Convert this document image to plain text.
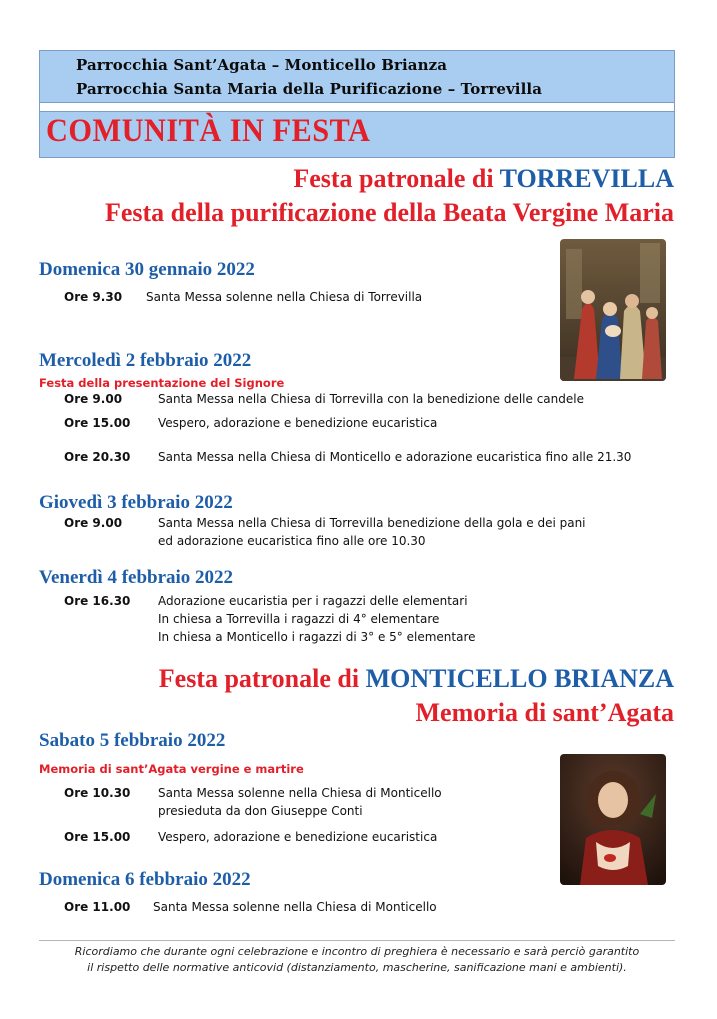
Parrocchia Sant’Agata – Monticello Brianza
Parrocchia Santa Maria della Purificazione – Torrevilla
COMUNITÀ IN FESTA
Festa patronale di TORREVILLA
Festa della purificazione della Beata Vergine Maria
Domenica 30 gennaio 2022
Ore 9.30 Santa Messa solenne nella Chiesa di Torrevilla
Mercoledì 2 febbraio 2022
Festa della presentazione del Signore
Ore 9.00	Santa Messa nella Chiesa di Torrevilla con la benedizione delle candele
Ore 15.00 Vespero, adorazione e benedizione eucaristica
Ore 20.30 Santa Messa nella Chiesa di Monticello e adorazione eucaristica fino alle 21.30
Giovedì 3 febbraio 2022
Ore 9.00	Santa Messa nella Chiesa di Torrevilla benedizione della gola e dei pani
ed adorazione eucaristica fino alle ore 10.30
Venerdì 4 febbraio 2022
Ore 16.30 Adorazione eucaristia per i ragazzi delle elementari
In chiesa a Torrevilla i ragazzi di 4° elementare
In chiesa a Monticello i ragazzi di 3° e 5° elementare
Festa patronale di MONTICELLO BRIANZA
Memoria di sant’Agata
Sabato 5 febbraio 2022
Memoria di sant’Agata vergine e martire
Ore 10.30 Santa Messa solenne nella Chiesa di Monticello
presieduta da don Giuseppe Conti
Ore 15.00 Vespero, adorazione e benedizione eucaristica
Domenica 6 febbraio 2022
Ore 11.00 Santa Messa solenne nella Chiesa di Monticello
Ricordiamo che durante ogni celebrazione e incontro di preghiera è necessario e sarà perciò garantito
il rispetto delle normative anticovid (distanziamento, mascherine, sanificazione mani e ambienti).
